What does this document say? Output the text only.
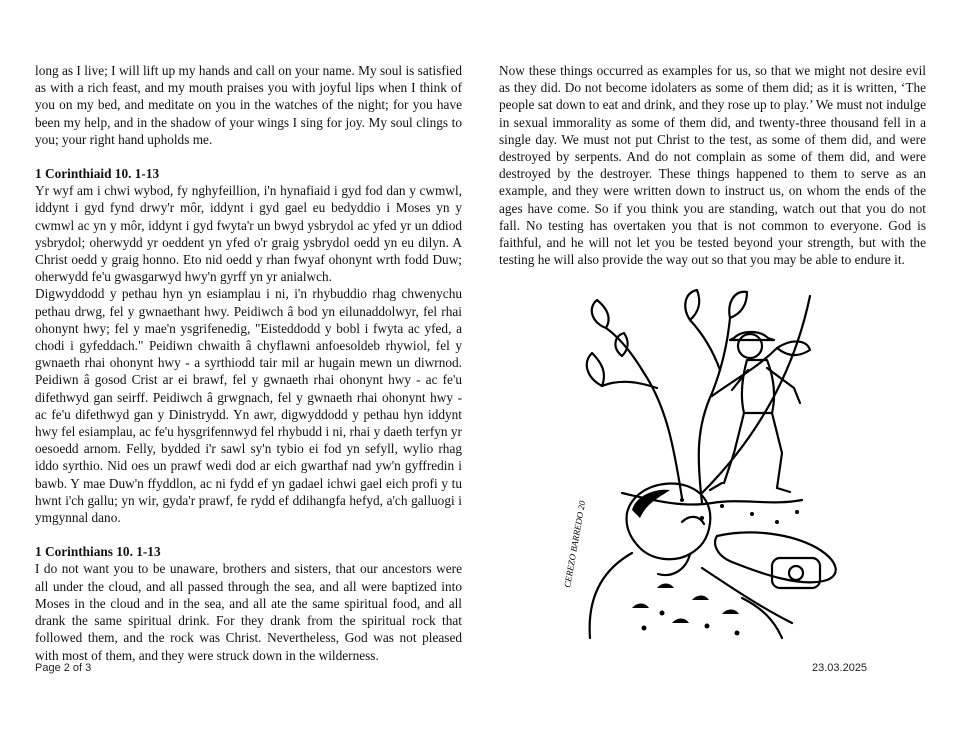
long as I live; I will lift up my hands and call on your name. My soul is satisfied as with a rich feast, and my mouth praises you with joyful lips when I think of you on my bed, and meditate on you in the watches of the night; for you have been my help, and in the shadow of your wings I sing for joy. My soul clings to you; your right hand upholds me.

1 Corinthiaid 10. 1-13

Yr wyf am i chwi wybod, fy nghyfeillion, i'n hynafiaid i gyd fod dan y cwmwl, iddynt i gyd fynd drwy'r môr, iddynt i gyd gael eu bedyddio i Moses yn y cwmwl ac yn y môr, iddynt i gyd fwyta'r un bwyd ysbrydol ac yfed yr un ddiod ysbrydol; oherwydd yr oeddent yn yfed o'r graig ysbrydol oedd yn eu dilyn. A Christ oedd y graig honno. Eto nid oedd y rhan fwyaf ohonynt wrth fodd Duw; oherwydd fe'u gwasgarwyd hwy'n gyrff yn yr anialwch.

Digwyddodd y pethau hyn yn esiamplau i ni, i'n rhybuddio rhag chwenychu pethau drwg, fel y gwnaethant hwy. Peidiwch â bod yn eilunaddolwyr, fel rhai ohonynt hwy; fel y mae'n ysgrifenedig, "Eisteddodd y bobl i fwyta ac yfed, a chodi i gyfeddach." Peidiwn chwaith â chyflawni anfoesoldeb rhywiol, fel y gwnaeth rhai ohonynt hwy - a syrthiodd tair mil ar hugain mewn un diwrnod. Peidiwn â gosod Crist ar ei brawf, fel y gwnaeth rhai ohonynt hwy - ac fe'u difethwyd gan seirff. Peidiwch â grwgnach, fel y gwnaeth rhai ohonynt hwy - ac fe'u difethwyd gan y Dinistrydd. Yn awr, digwyddodd y pethau hyn iddynt hwy fel esiamplau, ac fe'u hysgrifennwyd fel rhybudd i ni, rhai y daeth terfyn yr oesoedd arnom. Felly, bydded i'r sawl sy'n tybio ei fod yn sefyll, wylio rhag iddo syrthio. Nid oes un prawf wedi dod ar eich gwarthaf nad yw'n gyffredin i bawb. Y mae Duw'n ffyddlon, ac ni fydd ef yn gadael ichwi gael eich profi y tu hwnt i'ch gallu; yn wir, gyda'r prawf, fe rydd ef ddihangfa hefyd, a'ch galluogi i ymgynnal dano.

1 Corinthians 10. 1-13

I do not want you to be unaware, brothers and sisters, that our ancestors were all under the cloud, and all passed through the sea, and all were baptized into Moses in the cloud and in the sea, and all ate the same spiritual food, and all drank the same spiritual drink. For they drank from the spiritual rock that followed them, and the rock was Christ. Nevertheless, God was not pleased with most of them, and they were struck down in the wilderness.

Now these things occurred as examples for us, so that we might not desire evil as they did. Do not become idolaters as some of them did; as it is written, ‘The people sat down to eat and drink, and they rose up to play.’ We must not indulge in sexual immorality as some of them did, and twenty-three thousand fell in a single day. We must not put Christ to the test, as some of them did, and were destroyed by serpents. And do not complain as some of them did, and were destroyed by the destroyer. These things happened to them to serve as an example, and they were written down to instruct us, on whom the ends of the ages have come. So if you think you are standing, watch out that you do not fall. No testing has overtaken you that is not common to everyone. God is faithful, and he will not let you be tested beyond your strength, but with the testing he will also provide the way out so that you may be able to endure it.

CEREZO BARREDO 20
Page 2 of 3	23.03.2025
